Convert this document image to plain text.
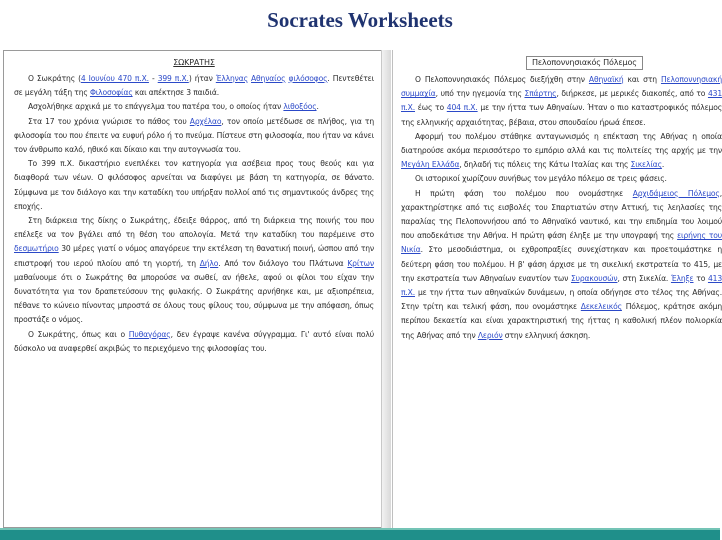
Socrates Worksheets
ΣΩΚΡΑΤΗΣ

Ο Σωκράτης (4 Ιουνίου 470 π.Χ. - 399 π.Χ.) ήταν Έλληνας Αθηναίος φιλόσοφος. Πεντεθέτει σε μεγάλη τάξη της Φιλοσοφίας και απέκτησε 3 παιδιά.

Ασχολήθηκε αρχικά με το επάγγελμα του πατέρα του, ο οποίος ήταν λιθοξόος.

Στα 17 του χρόνια γνώρισε το πάθος του Αρχέλαο, τον οποίο μετέδωσε σε πλήθος, για τη φιλοσοφία του που έπειτε να ευφυή ρόλο ή το πνεύμα. Πίστευε στη φιλοσοφία, που ήταν να κάνει τον άνθρωπο καλό, ηθικό και δίκαιο και την αυτογνωσία του.

Το 399 π.Χ. δικαστήριο ενεπλέκει τον κατηγορία για ασέβεια προς τους θεούς και για διαφθορά των νέων. Ο φιλόσοφος αρνείται να διαφύγει με βάση τη κατηγορία, σε θάνατο. Σύμφωνα με τον διάλογο και την καταδίκη του υπήρξαν πολλοί από τις σημαντικούς άνδρες της εποχής.

Στη διάρκεια της δίκης ο Σωκράτης, έδειξε θάρρος, από τη διάρκεια της ποινής του που επέλεξε να τον βγάλει από τη θέση του απολογία. Μετά την καταδίκη του παρέμεινε στο δεσμωτήριο 30 μέρες γιατί ο νόμος απαγόρευε την εκτέλεση τη θανατική ποινή, ώσπου από την επιστροφή του ιερού πλοίου από τη γιορτή, τη Δήλο. Από τον διάλογο του Πλάτωνα Κρίτων μαθαίνουμε ότι ο Σωκράτης θα μπορούσε να σωθεί, αν ήθελε, αφού οι φίλοι του είχαν την δυνατότητα για τον δραπετεύσουν της φυλακής. Ο Σωκράτης αρνήθηκε και, με αξιοπρέπεια, πέθανε το κώνειο πίνοντας μπροστά σε όλους τους φίλους του, σύμφωνα με την απόφαση, όπως προστάζε ο νόμος.

Ο Σωκράτης, όπως και ο Πυθαγόρας, δεν έγραψε κανένα σύγγραμμα. Γι' αυτό είναι πολύ δύσκολο να αναφερθεί ακριβώς το περιεχόμενο της φιλοσοφίας του.

Πελοποννησιακός Πόλεμος

Ο Πελοποννησιακός Πόλεμος διεξήχθη στην Αθηναϊκή και στη Πελοποννησιακή συμμαχία, υπό την ηγεμονία της Σπάρτης, διήρκεσε, με μερικές διακοπές, από το 431 π.Χ. έως το 404 π.Χ. με την ήττα των Αθηναίων. Ήταν ο πιο καταστροφικός πόλεμος της ελληνικής αρχαιότητας, βέβαια, στου σπουδαίου ήρωά έπεσε.

Αφορμή του πολέμου στάθηκε ανταγωνισμός η επέκταση της Αθήνας η οποία διατηρούσε ακόμα περισσότερο το εμπόριο αλλά και τις πολιτείες της αρχής με την Μεγάλη Ελλάδα, δηλαδή τις πόλεις της Κάτω Ιταλίας και της Σικελίας.

Οι ιστορικοί χωρίζουν συνήθως τον μεγάλο πόλεμο σε τρεις φάσεις.

Η πρώτη φάση του πολέμου που ονομάστηκε Αρχιδάμειος Πόλεμος, χαρακτηρίστηκε από τις εισβολές του Σπαρτιατών στην Αττική, τις λεηλασίες της παραλίας της Πελοποννήσου από το Αθηναϊκό ναυτικό, και την επιδημία του λοιμού που αποδεκάτισε την Αθήνα. Η πρώτη φάση έληξε με την υπογραφή της ειρήνης του Νικία. Στο μεσοδιάστημα, οι εχθροπραξίες συνεχίστηκαν και προετοιμάστηκε η δεύτερη φάση του πολέμου. Η β' φάση άρχισε με τη σικελική εκστρατεία το 415, με την εκστρατεία των Αθηναίων εναντίον των Συρακουσών, στη Σικελία. Έληξε το 413 π.Χ. με την ήττα των αθηναϊκών δυνάμεων, η οποία οδήγησε στο τέλος της Αθήνας. Στην τρίτη και τελική φάση, που ονομάστηκε Δεκελεικός Πόλεμος, κράτησε ακόμη περίπου δεκαετία και είναι χαρακτηριστική της ήττας η καθολική πλέον πολιορκία της Αθήνας από την Λεριόν στην ελληνική άσκηση.
